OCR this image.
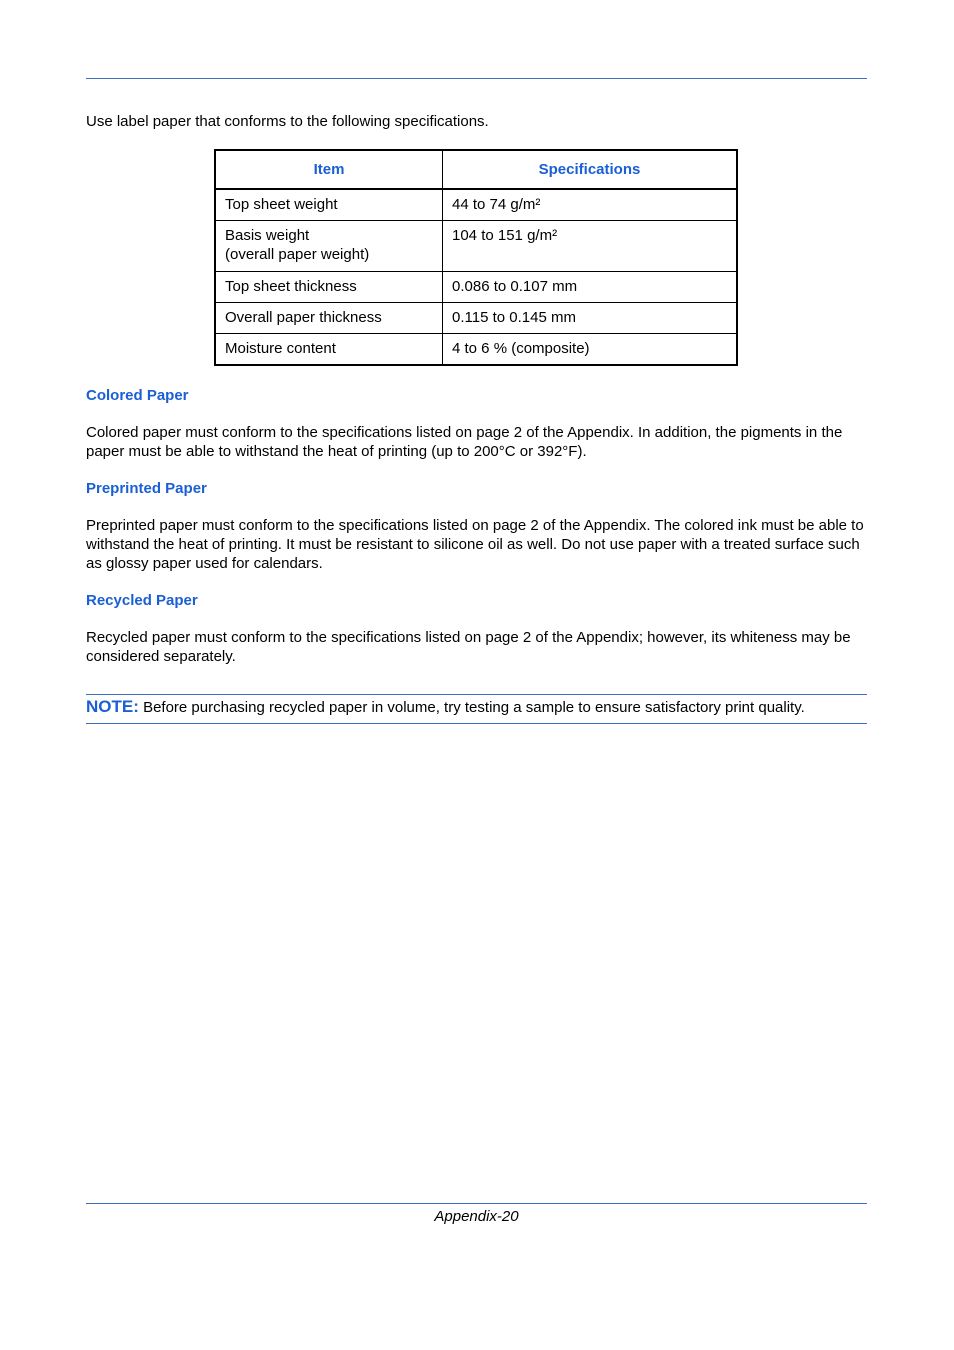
Use label paper that conforms to the following specifications.

Item	Specifications
Top sheet weight	44 to 74 g/m²
Basis weight
(overall paper weight)	104 to 151 g/m²
Top sheet thickness	0.086 to 0.107 mm
Overall paper thickness	0.115 to 0.145 mm
Moisture content	4 to 6 % (composite)

Colored Paper

Colored paper must conform to the specifications listed on page 2 of the Appendix. In addition, the pigments in the paper must be able to withstand the heat of printing (up to 200°C or 392°F).

Preprinted Paper

Preprinted paper must conform to the specifications listed on page 2 of the Appendix. The colored ink must be able to withstand the heat of printing. It must be resistant to silicone oil as well. Do not use paper with a treated surface such as glossy paper used for calendars.

Recycled Paper

Recycled paper must conform to the specifications listed on page 2 of the Appendix; however, its whiteness may be considered separately.

NOTE: Before purchasing recycled paper in volume, try testing a sample to ensure satisfactory print quality.

Appendix-20
